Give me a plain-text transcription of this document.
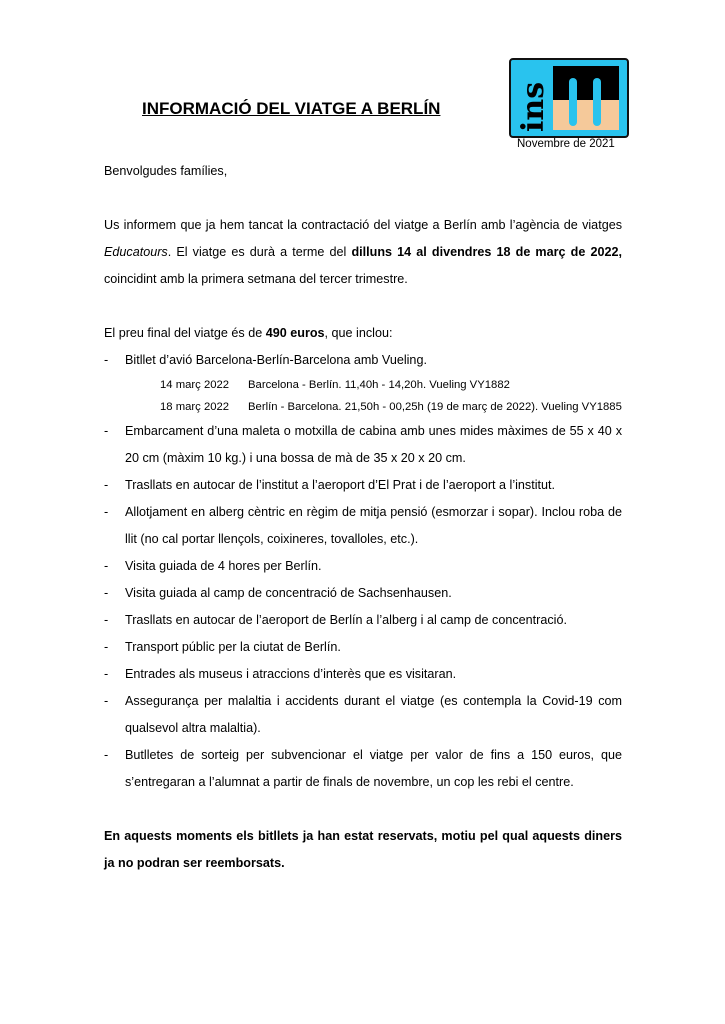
INFORMACIÓ DEL VIATGE A BERLÍN	ins
Novembre de 2021

Benvolgudes famílies,

Us informem que ja hem tancat la contractació del viatge a Berlín amb l’agència de viatges Educatours. El viatge es durà a terme del dilluns 14 al divendres 18 de març de 2022, coincidint amb la primera setmana del tercer trimestre.

El preu final del viatge és de 490 euros, que inclou:

- Bitllet d’avió Barcelona-Berlín-Barcelona amb Vueling.
14 març 2022 Barcelona - Berlín. 11,40h - 14,20h. Vueling VY1882
18 març 2022 Berlín - Barcelona. 21,50h - 00,25h (19 de març de 2022). Vueling VY1885
- Embarcament d’una maleta o motxilla de cabina amb unes mides màximes de 55 x 40 x 20 cm (màxim 10 kg.) i una bossa de mà de 35 x 20 x 20 cm.
- Trasllats en autocar de l’institut a l’aeroport d’El Prat i de l’aeroport a l’institut.
- Allotjament en alberg cèntric en règim de mitja pensió (esmorzar i sopar). Inclou roba de llit (no cal portar llençols, coixineres, tovalloles, etc.).
- Visita guiada de 4 hores per Berlín.
- Visita guiada al camp de concentració de Sachsenhausen.
- Trasllats en autocar de l’aeroport de Berlín a l’alberg i al camp de concentració.
- Transport públic per la ciutat de Berlín.
- Entrades als museus i atraccions d’interès que es visitaran.
- Assegurança per malaltia i accidents durant el viatge (es contempla la Covid-19 com qualsevol altra malaltia).
- Butlletes de sorteig per subvencionar el viatge per valor de fins a 150 euros, que s’entregaran a l’alumnat a partir de finals de novembre, un cop les rebi el centre.

En aquests moments els bitllets ja han estat reservats, motiu pel qual aquests diners ja no podran ser reemborsats.
